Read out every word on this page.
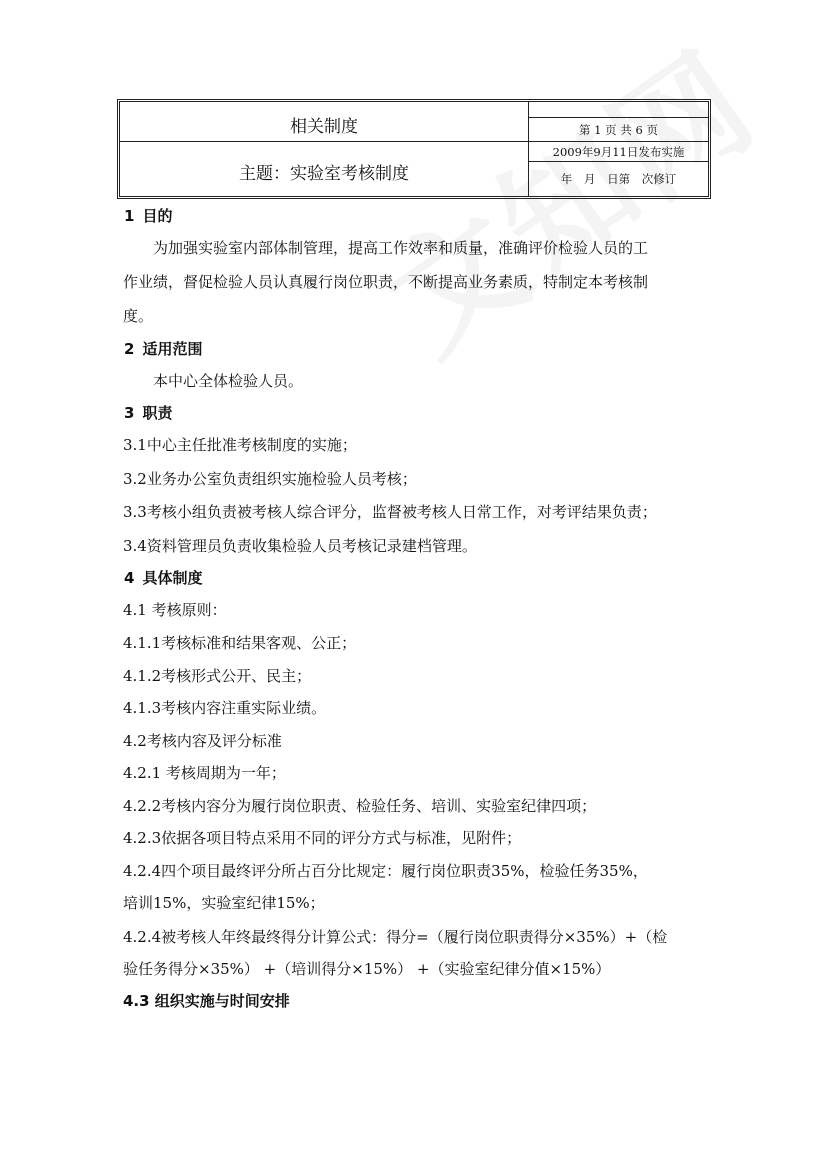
相关制度
主题：实验室考核制度
第 1 页 共 6 页
2009年9月11日发布实施
年 月 日第 次修订
1 目的
为加强实验室内部体制管理，提高工作效率和质量，准确评价检验人员的工
作业绩，督促检验人员认真履行岗位职责，不断提高业务素质，特制定本考核制
度。
2 适用范围
本中心全体检验人员。
3 职责
3.1中心主任批准考核制度的实施；
3.2业务办公室负责组织实施检验人员考核；
3.3考核小组负责被考核人综合评分，监督被考核人日常工作，对考评结果负责；
3.4资料管理员负责收集检验人员考核记录建档管理。
4 具体制度
4.1 考核原则：
4.1.1考核标准和结果客观、公正；
4.1.2考核形式公开、民主；
4.1.3考核内容注重实际业绩。
4.2考核内容及评分标准
4.2.1 考核周期为一年；
4.2.2考核内容分为履行岗位职责、检验任务、培训、实验室纪律四项；
4.2.3依据各项目特点采用不同的评分方式与标准，见附件；
4.2.4四个项目最终评分所占百分比规定：履行岗位职责35%，检验任务35%，
培训15%，实验室纪律15%；
4.2.4被考核人年终最终得分计算公式：得分=（履行岗位职责得分×35%）+（检
验任务得分×35%） +（培训得分×15%） +（实验室纪律分值×15%）
4.3 组织实施与时间安排
